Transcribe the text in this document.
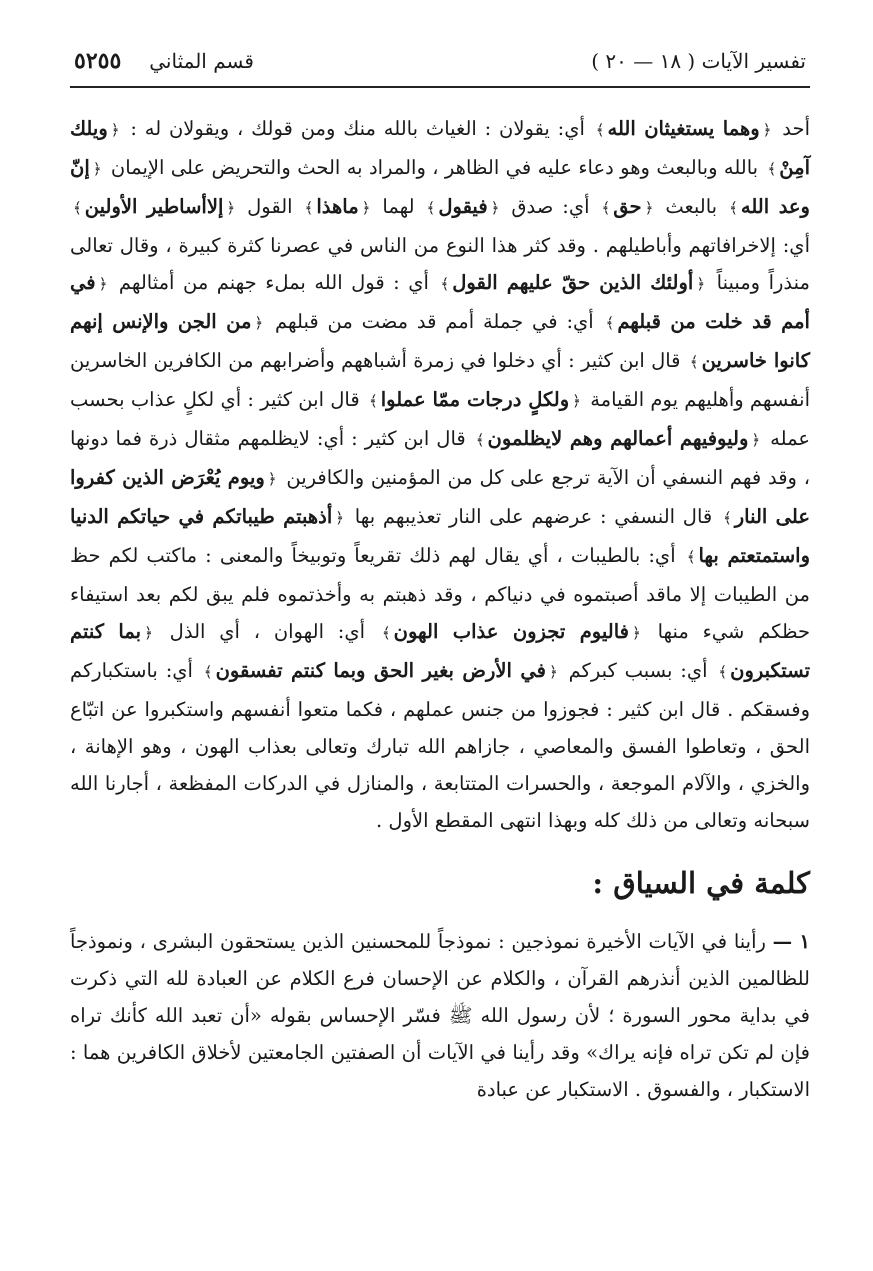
تفسير الآيات ( ١٨ — ٢٠ )
قسم المثاني
٥٢٥٥

أحد ﴿وهما يستغيثان الله﴾ أي: يقولان : الغياث بالله منك ومن قولك ، ويقولان له : ﴿ويلك آمِنْ﴾ بالله وبالبعث وهو دعاء عليه في الظاهر ، والمراد به الحث والتحريض على الإيمان ﴿إنّ وعد الله﴾ بالبعث ﴿حق﴾ أي: صدق ﴿فيقول﴾ لهما ﴿ماهذا﴾ القول ﴿إلاأساطير الأولين﴾ أي: إلاخرافاتهم وأباطيلهم . وقد كثر هذا النوع من الناس في عصرنا كثرة كبيرة ، وقال تعالى منذراً ومبيناً ﴿أولئك الذين حقّ عليهم القول﴾ أي : قول الله بملء جهنم من أمثالهم ﴿في أمم قد خلت من قبلهم﴾ أي: في جملة أمم قد مضت من قبلهم ﴿من الجن والإنس إنهم كانوا خاسرين﴾ قال ابن كثير : أي دخلوا في زمرة أشباههم وأضرابهم من الكافرين الخاسرين أنفسهم وأهليهم يوم القيامة ﴿ولكلٍ درجات ممّا عملوا﴾ قال ابن كثير : أي لكلٍ عذاب بحسب عمله ﴿وليوفيهم أعمالهم وهم لايظلمون﴾ قال ابن كثير : أي: لايظلمهم مثقال ذرة فما دونها ، وقد فهم النسفي أن الآية ترجع على كل من المؤمنين والكافرين ﴿ويوم يُعْرَض الذين كفروا على النار﴾ قال النسفي : عرضهم على النار تعذيبهم بها ﴿أذهبتم طيباتكم في حياتكم الدنيا واستمتعتم بها﴾ أي: بالطيبات ، أي يقال لهم ذلك تقريعاً وتوبيخاً والمعنى : ماكتب لكم حظ من الطيبات إلا ماقد أصبتموه في دنياكم ، وقد ذهبتم به وأخذتموه فلم يبق لكم بعد استيفاء حظكم شيء منها ﴿فاليوم تجزون عذاب الهون﴾ أي: الهوان ، أي الذل ﴿بما كنتم تستكبرون﴾ أي: بسبب كبركم ﴿في الأرض بغير الحق وبما كنتم تفسقون﴾ أي: باستكباركم وفسقكم . قال ابن كثير : فجوزوا من جنس عملهم ، فكما متعوا أنفسهم واستكبروا عن اتبّاع الحق ، وتعاطوا الفسق والمعاصي ، جازاهم الله تبارك وتعالى بعذاب الهون ، وهو الإهانة ، والخزي ، والآلام الموجعة ، والحسرات المتتابعة ، والمنازل في الدركات المفظعة ، أجارنا الله سبحانه وتعالى من ذلك كله وبهذا انتهى المقطع الأول .

كلمة في السياق :
١ — رأينا في الآيات الأخيرة نموذجين : نموذجاً للمحسنين الذين يستحقون البشرى ، ونموذجاً للظالمين الذين أنذرهم القرآن ، والكلام عن الإحسان فرع الكلام عن العبادة لله التي ذكرت في بداية محور السورة ؛ لأن رسول الله ﷺ فسّر الإحساس بقوله «أن تعبد الله كأنك تراه فإن لم تكن تراه فإنه يراك» وقد رأينا في الآيات أن الصفتين الجامعتين لأخلاق الكافرين هما : الاستكبار ، والفسوق . الاستكبار عن عبادة
